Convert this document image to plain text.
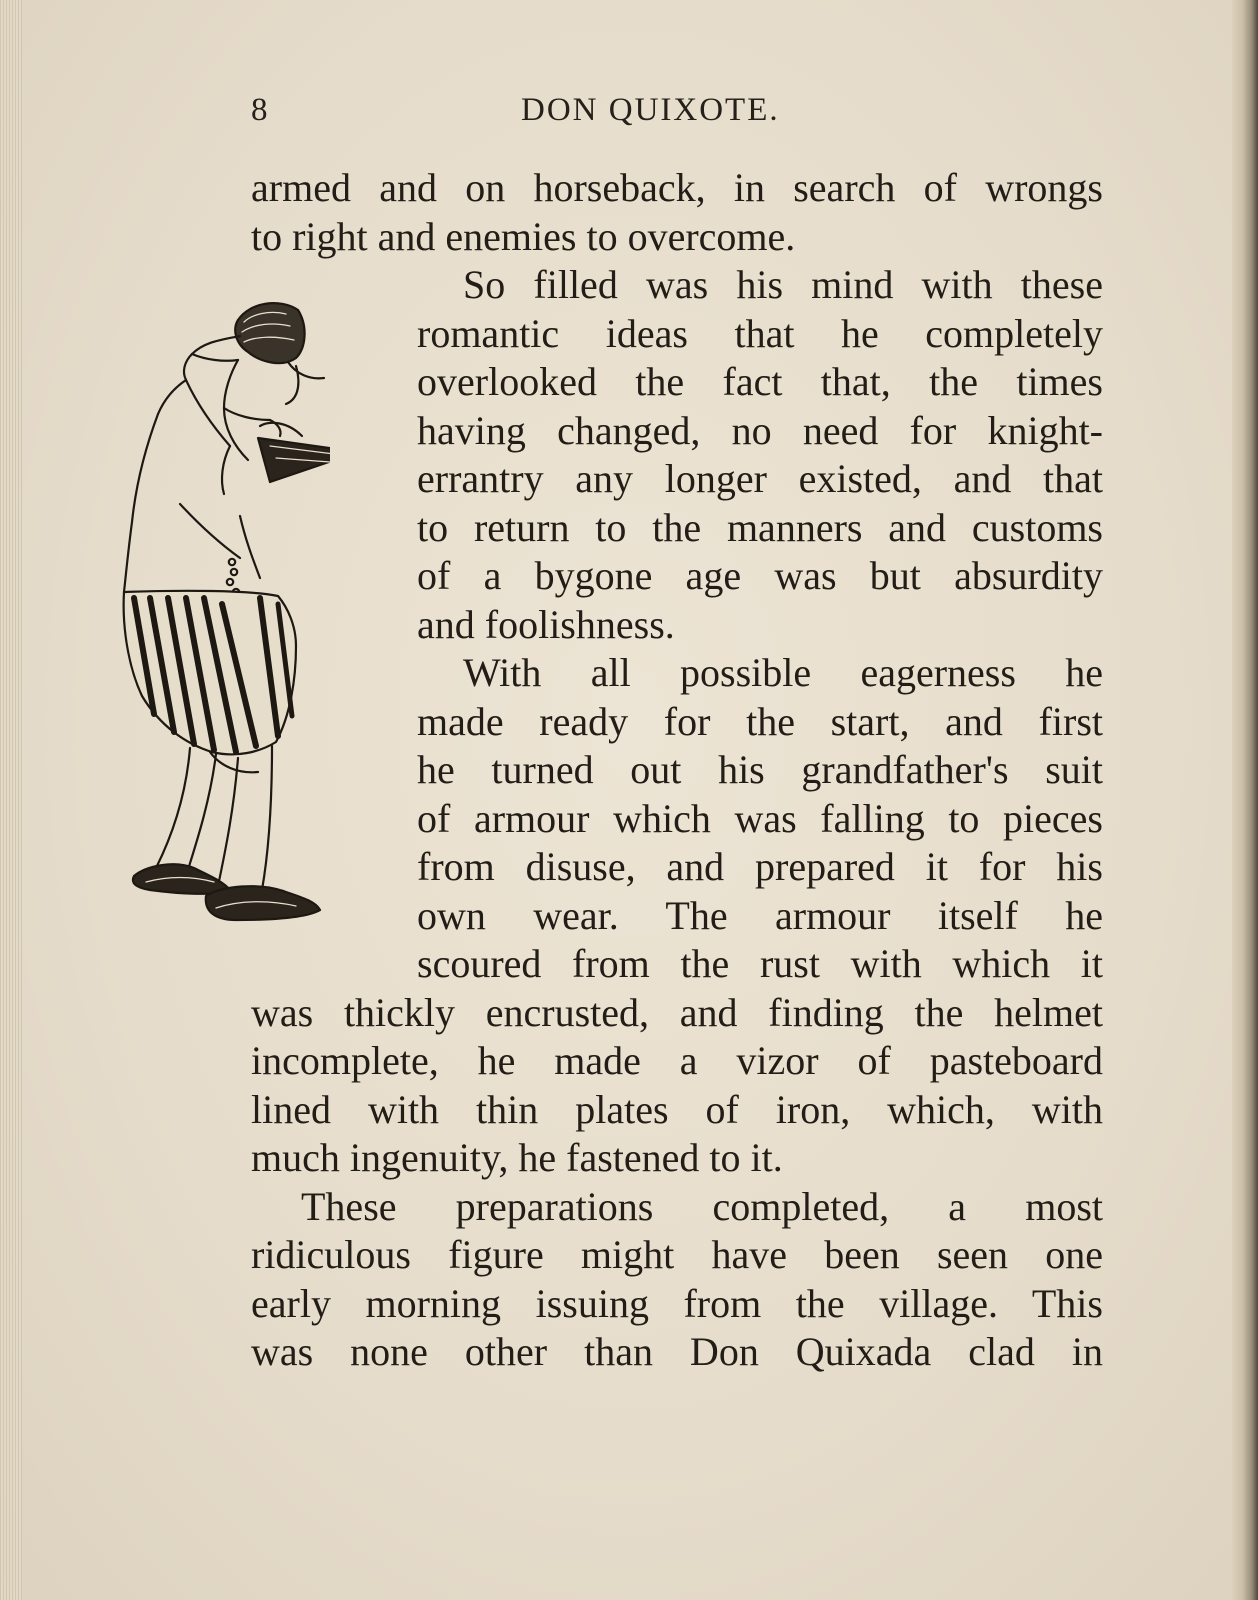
8	DON QUIXOTE.
armed and on horseback, in search of wrongs
to right and enemies to overcome.
So filled was his mind with these
romantic ideas that he completely
overlooked the fact that, the times
having changed, no need for knight-
errantry any longer existed, and that
to return to the manners and customs
of a bygone age was but absurdity
and foolishness.
With all possible eagerness he
made ready for the start, and first
he turned out his grandfather's suit
of armour which was falling to pieces
from disuse, and prepared it for his
own wear. The armour itself he
scoured from the rust with which it
was thickly encrusted, and finding the helmet
incomplete, he made a vizor of pasteboard
lined with thin plates of iron, which, with
much ingenuity, he fastened to it.
These preparations completed, a most
ridiculous figure might have been seen one
early morning issuing from the village. This
was none other than Don Quixada clad in
